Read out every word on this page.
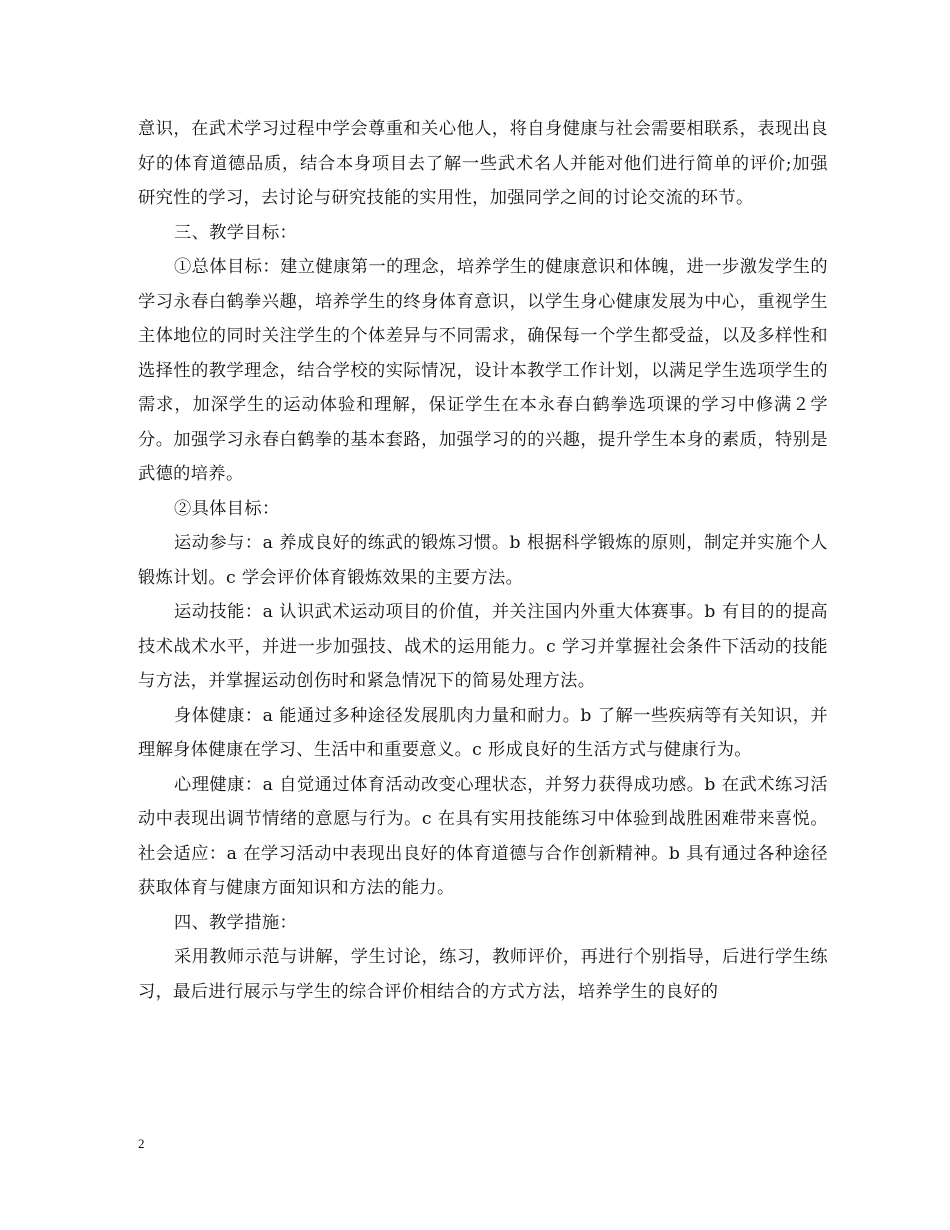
意识，在武术学习过程中学会尊重和关心他人，将自身健康与社会需要相联系，表现出良好的体育道德品质，结合本身项目去了解一些武术名人并能对他们进行简单的评价;加强研究性的学习，去讨论与研究技能的实用性，加强同学之间的讨论交流的环节。

三、教学目标：

①总体目标：建立健康第一的理念，培养学生的健康意识和体魄，进一步激发学生的学习永春白鹤拳兴趣，培养学生的终身体育意识，以学生身心健康发展为中心，重视学生主体地位的同时关注学生的个体差异与不同需求，确保每一个学生都受益，以及多样性和选择性的教学理念，结合学校的实际情况，设计本教学工作计划，以满足学生选项学生的需求，加深学生的运动体验和理解，保证学生在本永春白鹤拳选项课的学习中修满２学分。加强学习永春白鹤拳的基本套路，加强学习的的兴趣，提升学生本身的素质，特别是武德的培养。

②具体目标：

运动参与：a 养成良好的练武的锻炼习惯。b 根据科学锻炼的原则，制定并实施个人锻炼计划。c 学会评价体育锻炼效果的主要方法。

运动技能：a 认识武术运动项目的价值，并关注国内外重大体赛事。b 有目的的提高技术战术水平，并进一步加强技、战术的运用能力。c 学习并掌握社会条件下活动的技能与方法，并掌握运动创伤时和紧急情况下的简易处理方法。

身体健康：a 能通过多种途径发展肌肉力量和耐力。b 了解一些疾病等有关知识，并理解身体健康在学习、生活中和重要意义。c 形成良好的生活方式与健康行为。

心理健康：a 自觉通过体育活动改变心理状态，并努力获得成功感。b 在武术练习活动中表现出调节情绪的意愿与行为。c 在具有实用技能练习中体验到战胜困难带来喜悦。社会适应：a 在学习活动中表现出良好的体育道德与合作创新精神。b 具有通过各种途径获取体育与健康方面知识和方法的能力。

四、教学措施：

采用教师示范与讲解，学生讨论，练习，教师评价，再进行个别指导，后进行学生练习，最后进行展示与学生的综合评价相结合的方式方法，培养学生的良好的

2
